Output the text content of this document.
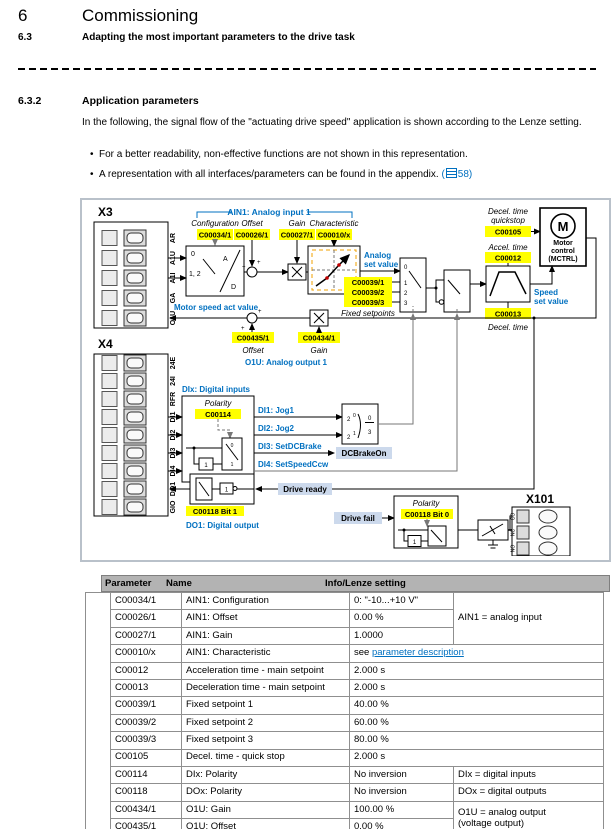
6	Commissioning
6.3	Adapting the most important parameters to the drive task
6.3.2	Application parameters
In the following, the signal flow of the "actuating drive speed" application is shown according to the Lenze setting.
• For a better readability, non-effective functions are not shown in this representation.
• A representation with all interfaces/parameters can be found in the appendix. ( 58)
X3
AR
A1U
A1I
GA
O1U
AIN1: Analog input 1
Configuration Offset	Gain Characteristic
C00034/1 C00026/1 C00027/1 C00010/x
0
1, 2
A
D
+
+
Analog
set value 0
1
2
3
C00039/1
C00039/2
C00039/3
Fixed setpoints
Accel. time
C00012
C00013
Decel. time
Decel. time
quickstop
C00105	M
Motor
control
(MCTRL)
Speed
set value
+
+
Motor speed act value
C00435/1	C00434/1
Offset	Gain
O1U: Analog output 1
X4
24E
24I
RFR
DI1
DI2
DI3
DI4
DO1
GIO
DIx: Digital inputs
Polarity
C00114
1
0
1
DI1: Jog1
DI2: Jog2
DI3: SetDCBrake
DI4: SetSpeedCcw
2
0
2
1
0
3
DCBrakeOn
1
C00118 Bit 1
DO1: Digital output
Drive ready
Drive fail
Polarity
C00118 Bit 0
1
X101
CO
NC
NO
Parameter Name	Info/Lenze setting
Application parameters	C00034/1	AIN1: Configuration	0: "-10...+10 V"	AIN1 = analog input
	C00026/1	AIN1: Offset	0.00 %	
	C00027/1	AIN1: Gain	1.0000	
	C00010/x	AIN1: Characteristic	see parameter description	
	C00012	Acceleration time - main setpoint	2.000 s	
	C00013	Deceleration time - main setpoint	2.000 s	
	C00039/1	Fixed setpoint 1	40.00 %	
	C00039/2	Fixed setpoint 2	60.00 %	
	C00039/3	Fixed setpoint 3	80.00 %	
	C00105	Decel. time - quick stop	2.000 s	
	C00114	DIx: Polarity	No inversion	DIx = digital inputs
	C00118	DOx: Polarity	No inversion	DOx = digital outputs
	C00434/1	O1U: Gain	100.00 %	O1U = analog output
(voltage output)

	C00435/1	O1U: Offset	0.00 %	
